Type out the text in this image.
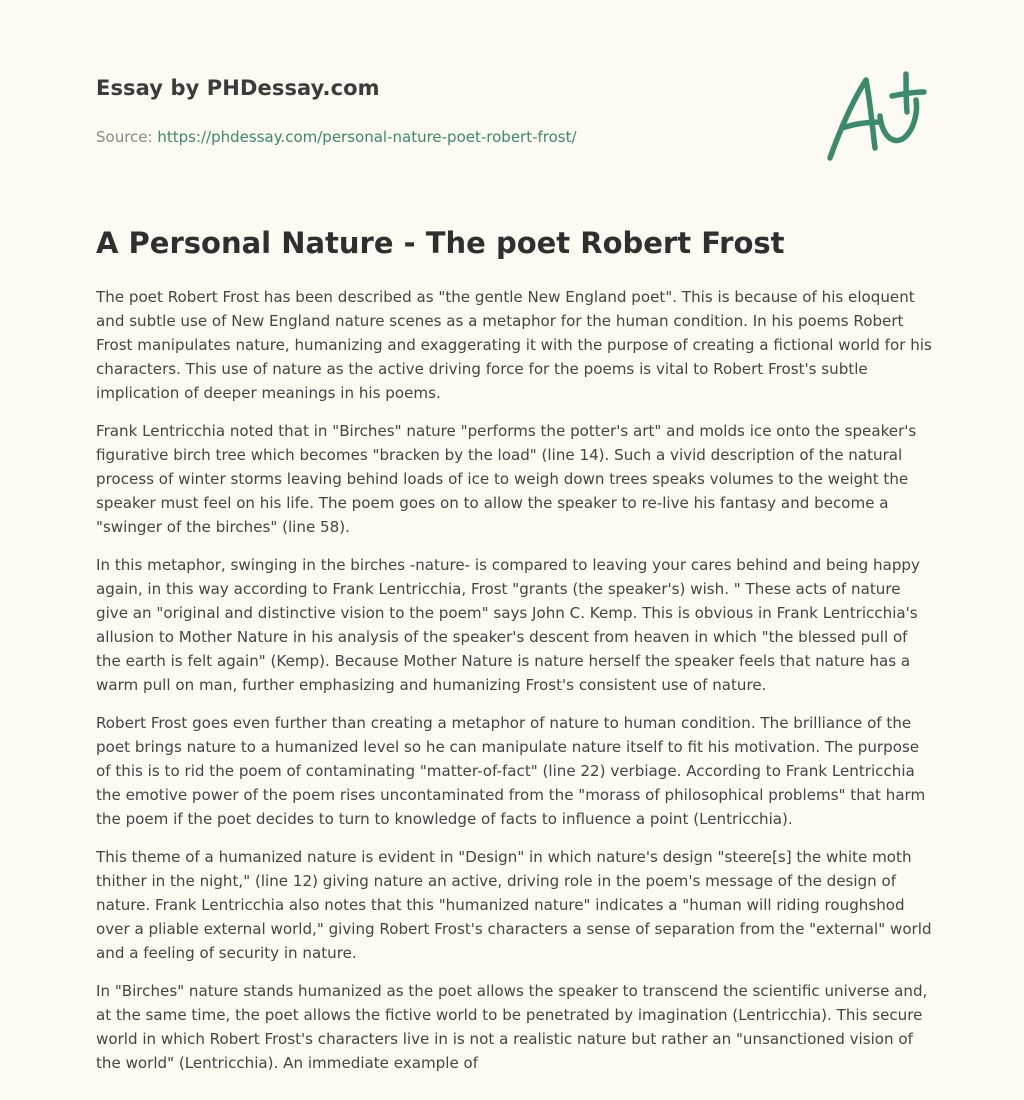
Essay by PHDessay.com
Source: https://phdessay.com/personal-nature-poet-robert-frost/
A Personal Nature - The poet Robert Frost

The poet Robert Frost has been described as "the gentle New England poet". This is because of his eloquent and subtle use of New England nature scenes as a metaphor for the human condition. In his poems Robert Frost manipulates nature, humanizing and exaggerating it with the purpose of creating a fictional world for his characters. This use of nature as the active driving force for the poems is vital to Robert Frost's subtle implication of deeper meanings in his poems.

Frank Lentricchia noted that in "Birches" nature "performs the potter's art" and molds ice onto the speaker's figurative birch tree which becomes "bracken by the load" (line 14). Such a vivid description of the natural process of winter storms leaving behind loads of ice to weigh down trees speaks volumes to the weight the speaker must feel on his life. The poem goes on to allow the speaker to re-live his fantasy and become a "swinger of the birches" (line 58).

In this metaphor, swinging in the birches -nature- is compared to leaving your cares behind and being happy again, in this way according to Frank Lentricchia, Frost "grants (the speaker's) wish. " These acts of nature give an "original and distinctive vision to the poem" says John C. Kemp. This is obvious in Frank Lentricchia's allusion to Mother Nature in his analysis of the speaker's descent from heaven in which "the blessed pull of the earth is felt again" (Kemp). Because Mother Nature is nature herself the speaker feels that nature has a warm pull on man, further emphasizing and humanizing Frost's consistent use of nature.

Robert Frost goes even further than creating a metaphor of nature to human condition. The brilliance of the poet brings nature to a humanized level so he can manipulate nature itself to fit his motivation. The purpose of this is to rid the poem of contaminating "matter-of-fact" (line 22) verbiage. According to Frank Lentricchia the emotive power of the poem rises uncontaminated from the "morass of philosophical problems" that harm the poem if the poet decides to turn to knowledge of facts to influence a point (Lentricchia).

This theme of a humanized nature is evident in "Design" in which nature's design "steere[s] the white moth thither in the night," (line 12) giving nature an active, driving role in the poem's message of the design of nature. Frank Lentricchia also notes that this "humanized nature" indicates a "human will riding roughshod over a pliable external world," giving Robert Frost's characters a sense of separation from the "external" world and a feeling of security in nature.

In "Birches" nature stands humanized as the poet allows the speaker to transcend the scientific universe and, at the same time, the poet allows the fictive world to be penetrated by imagination (Lentricchia). This secure world in which Robert Frost's characters live in is not a realistic nature but rather an "unsanctioned vision of the world" (Lentricchia). An immediate example of
